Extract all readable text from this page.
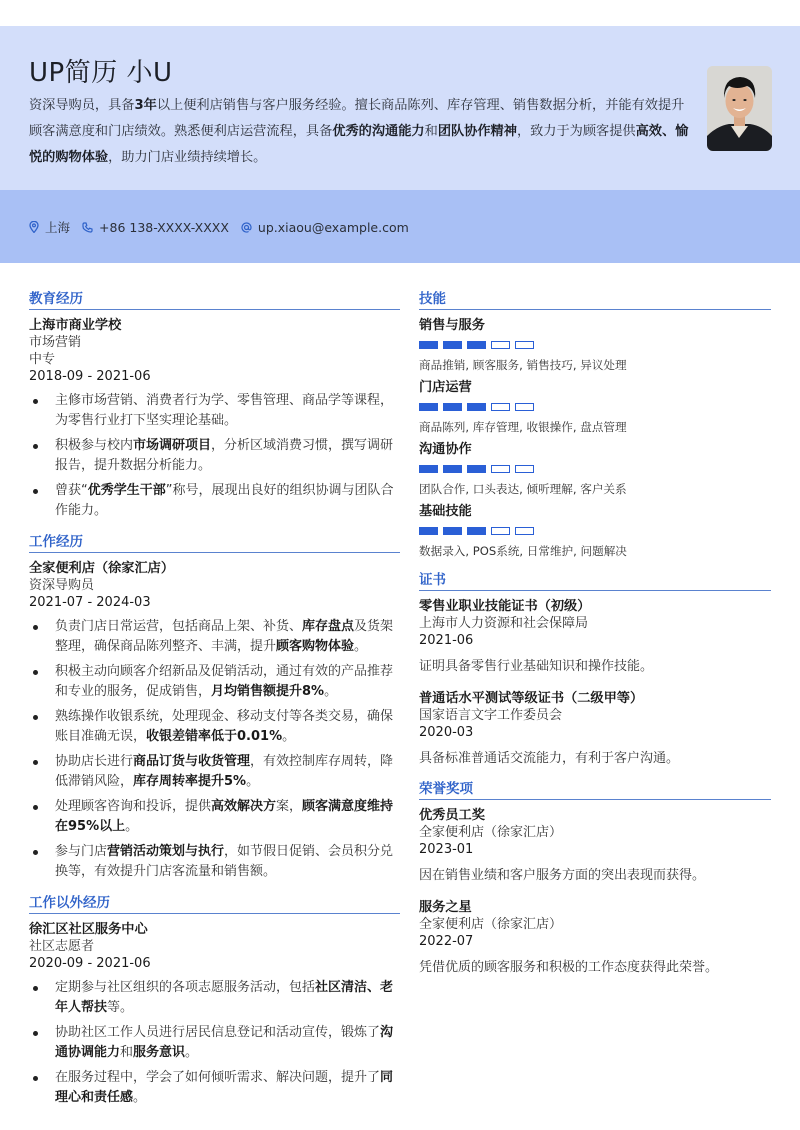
UP简历 小U

资深导购员，具备3年以上便利店销售与客户服务经验。擅长商品陈列、库存管理、销售数据分析，并能有效提升顾客满意度和门店绩效。熟悉便利店运营流程，具备优秀的沟通能力和团队协作精神，致力于为顾客提供高效、愉悦的购物体验，助力门店业绩持续增长。

上海 +86 138-XXXX-XXXX up.xiaou@example.com
教育经历
上海市商业学校
市场营销
中专
2018-09 - 2021-06
主修市场营销、消费者行为学、零售管理、商品学等课程，为零售行业打下坚实理论基础。
积极参与校内市场调研项目，分析区域消费习惯，撰写调研报告，提升数据分析能力。
曾获“优秀学生干部”称号，展现出良好的组织协调与团队合作能力。
工作经历
全家便利店（徐家汇店）
资深导购员
2021-07 - 2024-03
负责门店日常运营，包括商品上架、补货、库存盘点及货架整理，确保商品陈列整齐、丰满，提升顾客购物体验。
积极主动向顾客介绍新品及促销活动，通过有效的产品推荐和专业的服务，促成销售，月均销售额提升8%。
熟练操作收银系统，处理现金、移动支付等各类交易，确保账目准确无误，收银差错率低于0.01%。
协助店长进行商品订货与收货管理，有效控制库存周转，降低滞销风险，库存周转率提升5%。
处理顾客咨询和投诉，提供高效解决方案，顾客满意度维持在95%以上。
参与门店营销活动策划与执行，如节假日促销、会员积分兑换等，有效提升门店客流量和销售额。
工作以外经历
徐汇区社区服务中心
社区志愿者
2020-09 - 2021-06
定期参与社区组织的各项志愿服务活动，包括社区清洁、老年人帮扶等。
协助社区工作人员进行居民信息登记和活动宣传，锻炼了沟通协调能力和服务意识。
在服务过程中，学会了如何倾听需求、解决问题，提升了同理心和责任感。
技能
销售与服务
商品推销, 顾客服务, 销售技巧, 异议处理
门店运营
商品陈列, 库存管理, 收银操作, 盘点管理
沟通协作
团队合作, 口头表达, 倾听理解, 客户关系
基础技能
数据录入, POS系统, 日常维护, 问题解决
证书
零售业职业技能证书（初级）
上海市人力资源和社会保障局
2021-06
证明具备零售行业基础知识和操作技能。
普通话水平测试等级证书（二级甲等）
国家语言文字工作委员会
2020-03
具备标准普通话交流能力，有利于客户沟通。
荣誉奖项
优秀员工奖
全家便利店（徐家汇店）
2023-01
因在销售业绩和客户服务方面的突出表现而获得。
服务之星
全家便利店（徐家汇店）
2022-07
凭借优质的顾客服务和积极的工作态度获得此荣誉。
